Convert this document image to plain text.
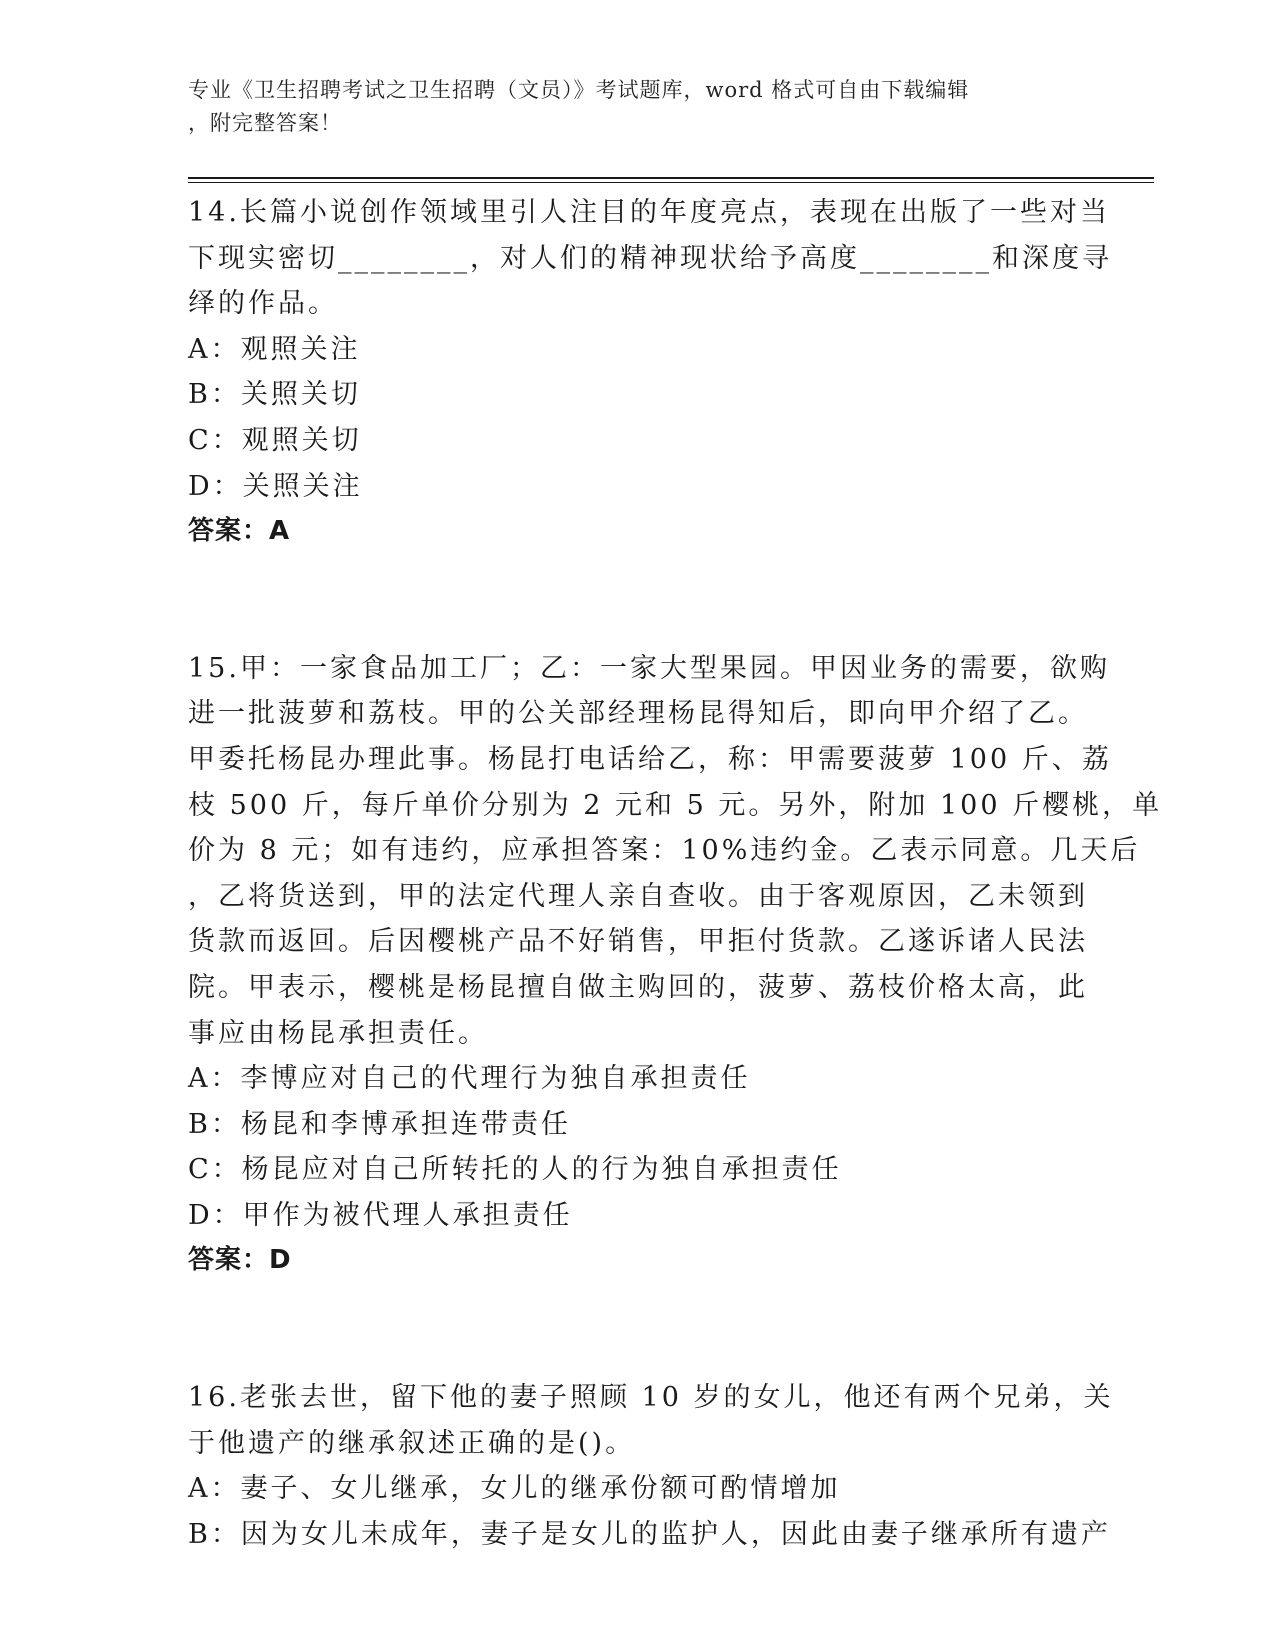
专业《卫生招聘考试之卫生招聘（文员）》考试题库，word 格式可自由下载编辑
，附完整答案！
14.长篇小说创作领域里引人注目的年度亮点，表现在出版了一些对当
下现实密切________，对人们的精神现状给予高度________和深度寻
绎的作品。
A：观照关注
B：关照关切
C：观照关切
D：关照关注
答案：A
15.甲：一家食品加工厂；乙：一家大型果园。甲因业务的需要，欲购
进一批菠萝和荔枝。甲的公关部经理杨昆得知后，即向甲介绍了乙。
甲委托杨昆办理此事。杨昆打电话给乙，称：甲需要菠萝 100 斤、荔
枝 500 斤，每斤单价分别为 2 元和 5 元。另外，附加 100 斤樱桃，单
价为 8 元；如有违约，应承担答案：10%违约金。乙表示同意。几天后
，乙将货送到，甲的法定代理人亲自查收。由于客观原因，乙未领到
货款而返回。后因樱桃产品不好销售，甲拒付货款。乙遂诉诸人民法
院。甲表示，樱桃是杨昆擅自做主购回的，菠萝、荔枝价格太高，此
事应由杨昆承担责任。
A：李博应对自己的代理行为独自承担责任
B：杨昆和李博承担连带责任
C：杨昆应对自己所转托的人的行为独自承担责任
D：甲作为被代理人承担责任
答案：D
16.老张去世，留下他的妻子照顾 10 岁的女儿，他还有两个兄弟，关
于他遗产的继承叙述正确的是()。
A：妻子、女儿继承，女儿的继承份额可酌情增加
B：因为女儿未成年，妻子是女儿的监护人，因此由妻子继承所有遗产
